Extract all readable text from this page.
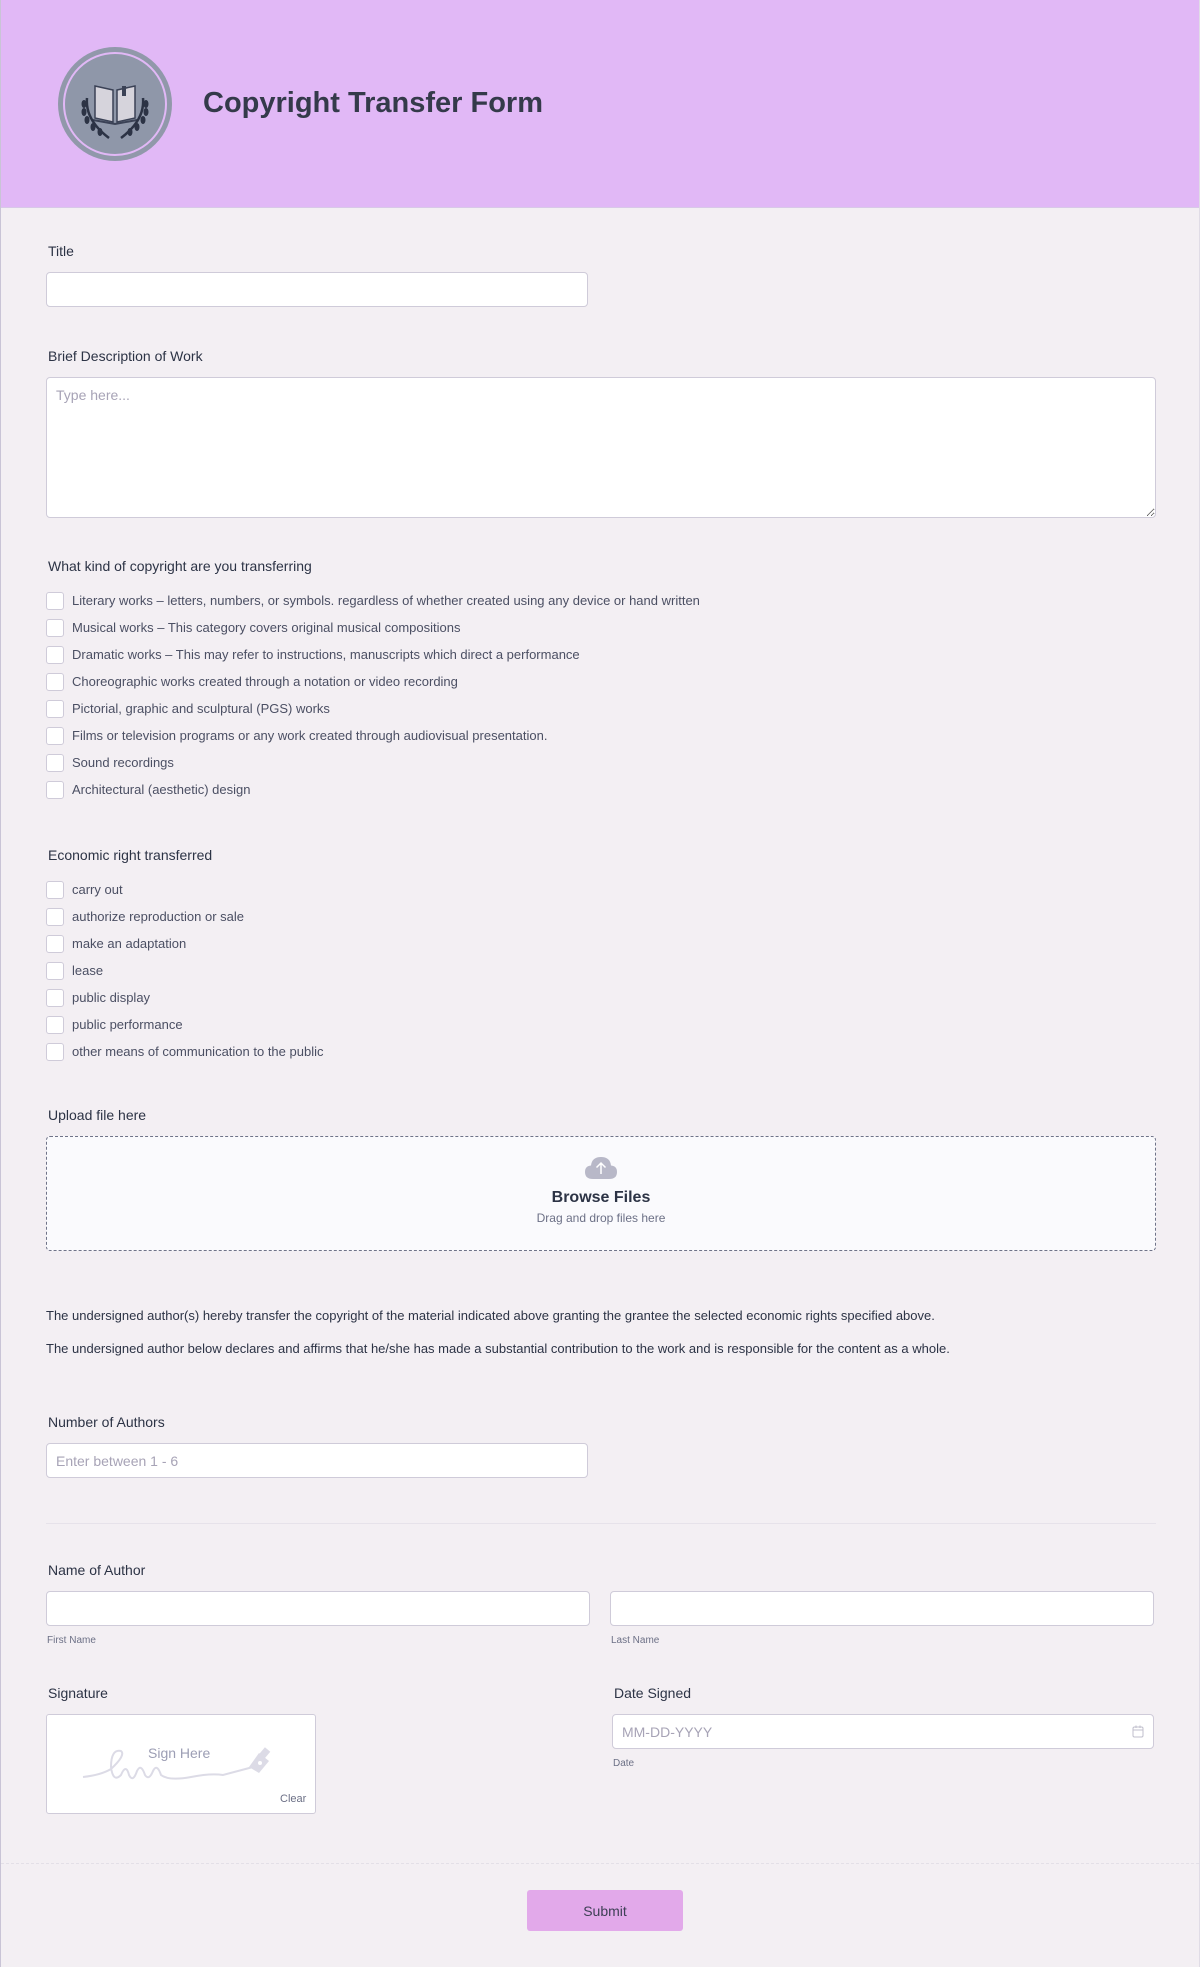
Copyright Transfer Form
Title
Brief Description of Work
Type here...
What kind of copyright are you transferring
Literary works – letters, numbers, or symbols. regardless of whether created using any device or hand written
Musical works – This category covers original musical compositions
Dramatic works – This may refer to instructions, manuscripts which direct a performance
Choreographic works created through a notation or video recording
Pictorial, graphic and sculptural (PGS) works
Films or television programs or any work created through audiovisual presentation.
Sound recordings
Architectural (aesthetic) design
Economic right transferred
carry out
authorize reproduction or sale
make an adaptation
lease
public display
public performance
other means of communication to the public
Upload file here
Browse Files
Drag and drop files here

The undersigned author(s) hereby transfer the copyright of the material indicated above granting the grantee the selected economic rights specified above.

The undersigned author below declares and affirms that he/she has made a substantial contribution to the work and is responsible for the content as a whole.

Number of Authors
Enter between 1 - 6
Name of Author
First Name	Last Name
Signature
Sign Here
Clear
Date Signed
MM-DD-YYYY
Date
Submit
